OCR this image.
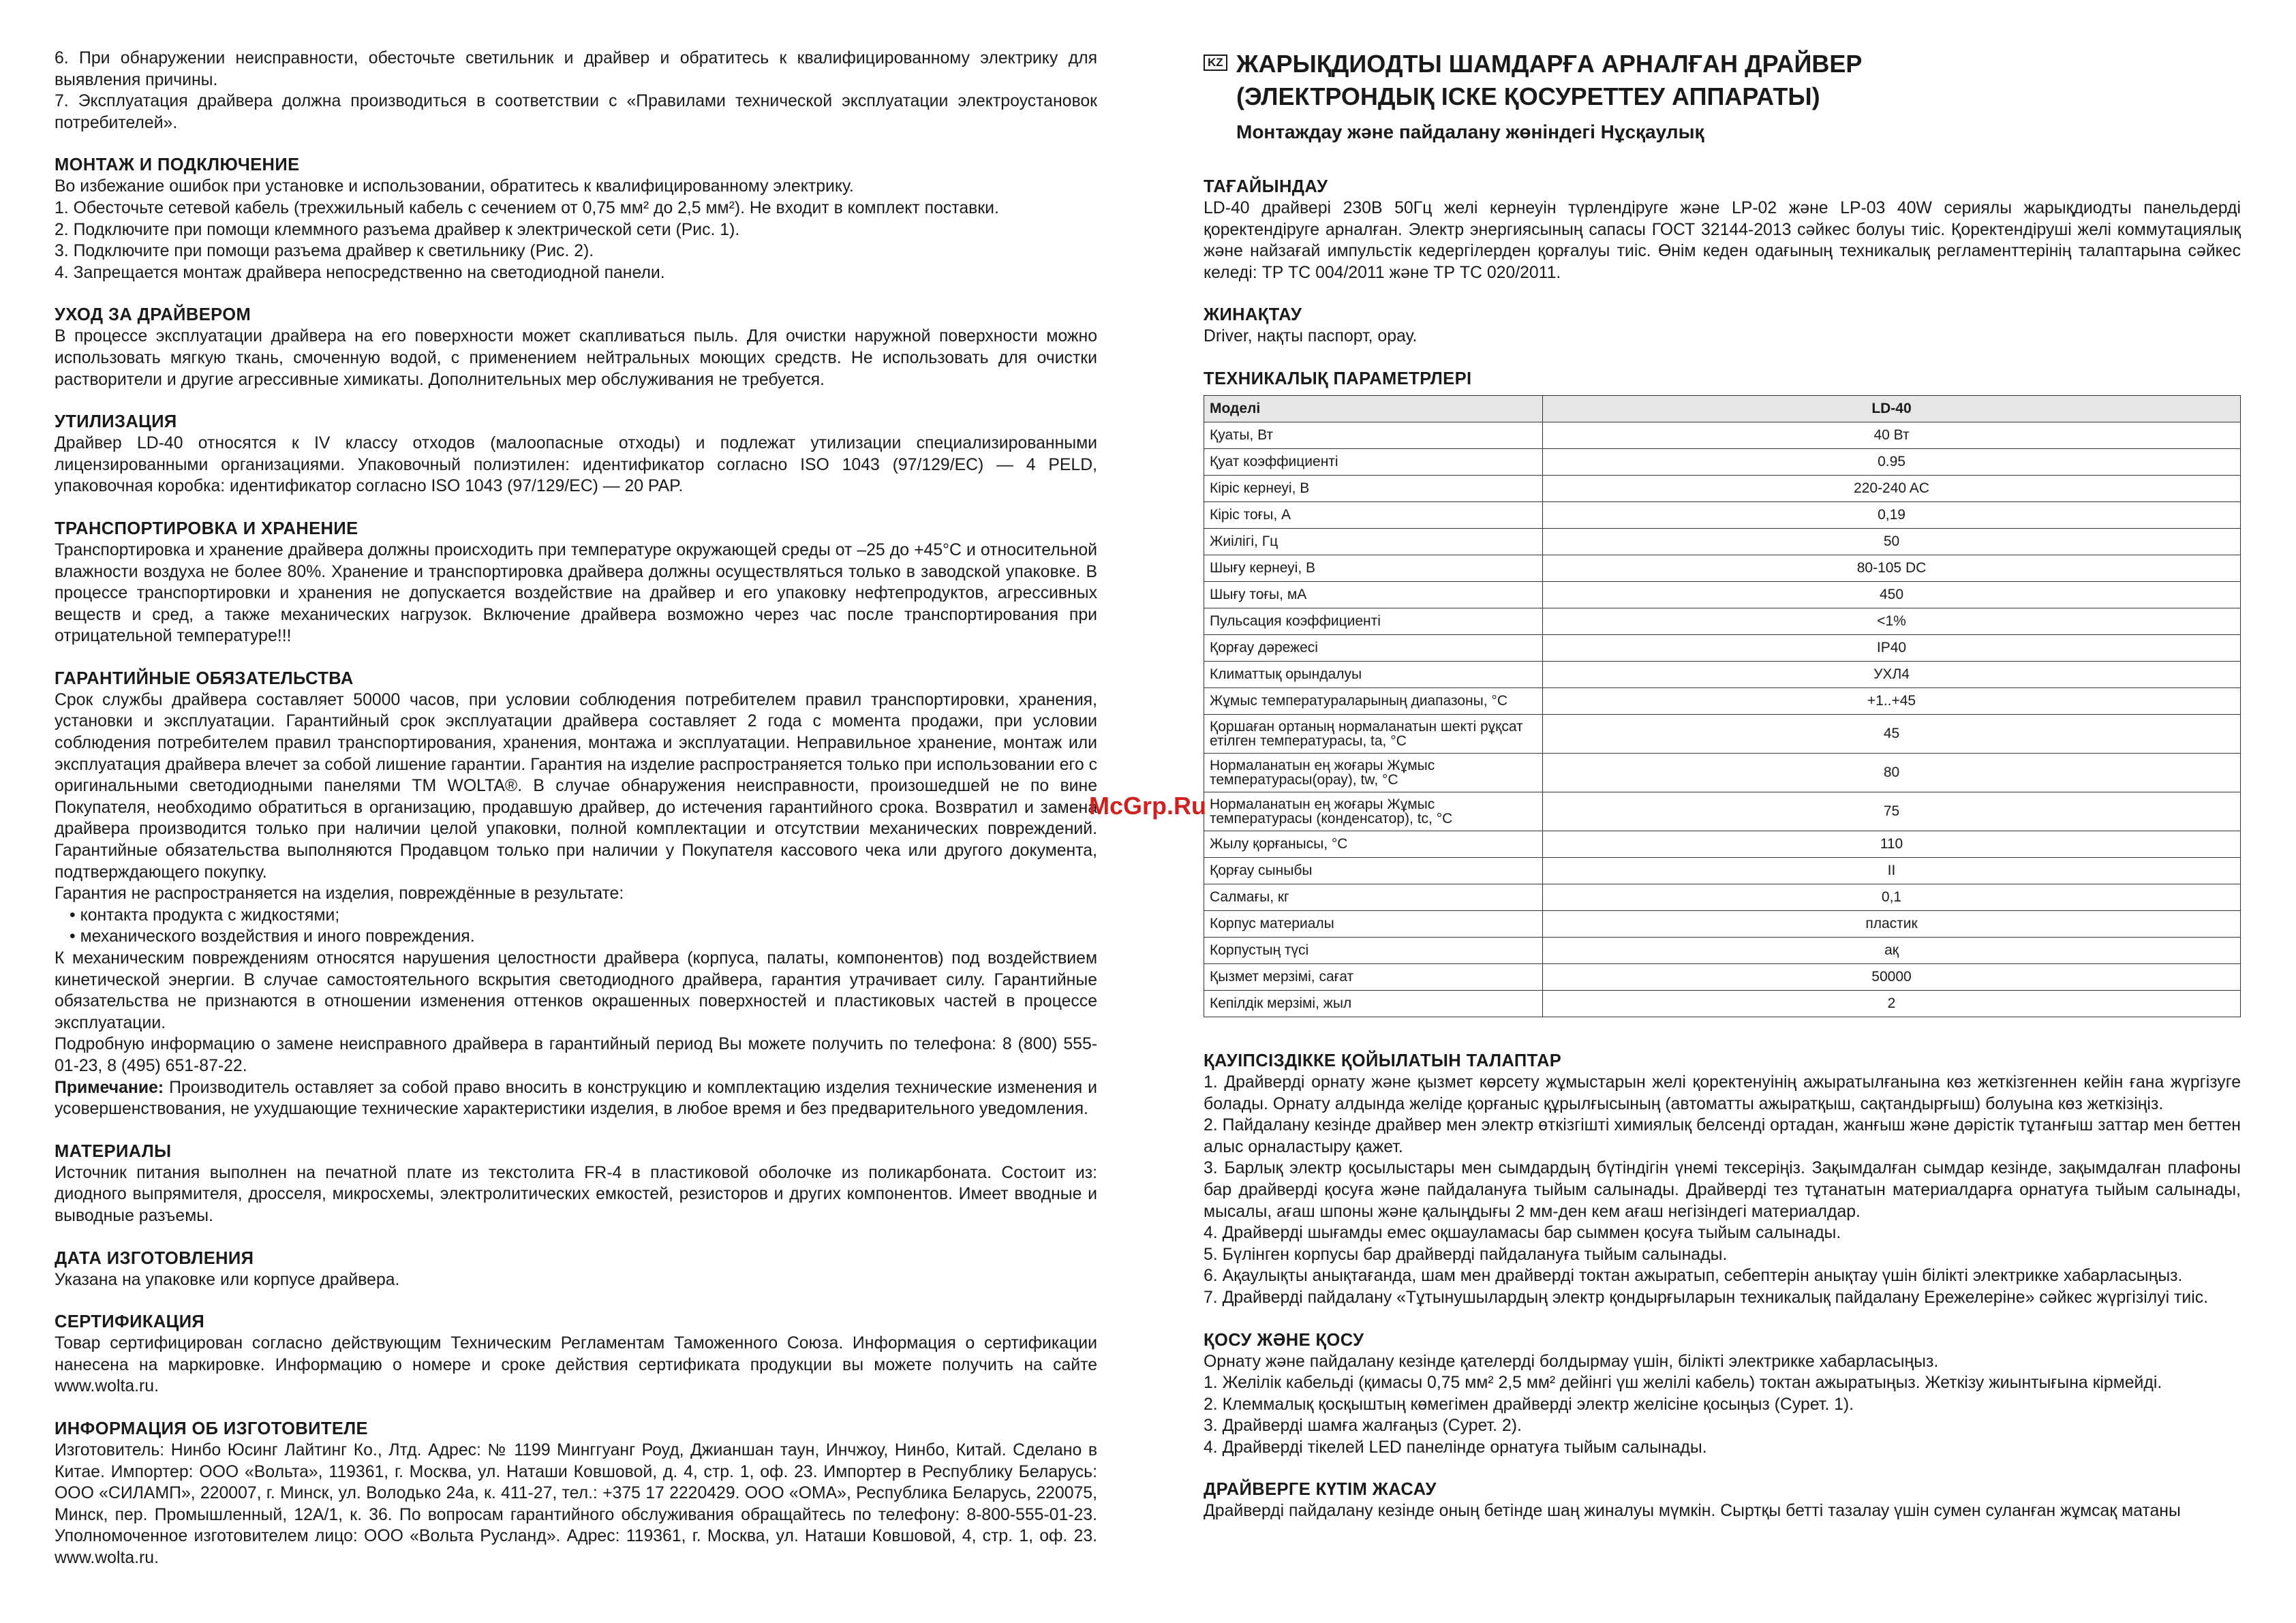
6. При обнаружении неисправности, обесточьте светильник и драйвер и обратитесь к квалифицированному электрику для выявления причины.

7. Эксплуатация драйвера должна производиться в соответствии с «Правилами технической эксплуатации электроустановок потребителей».

МОНТАЖ И ПОДКЛЮЧЕНИЕ

Во избежание ошибок при установке и использовании, обратитесь к квалифицированному электрику.

1. Обесточьте сетевой кабель (трехжильный кабель с сечением от 0,75 мм² до 2,5 мм²). Не входит в комплект поставки.

2. Подключите при помощи клеммного разъема драйвер к электрической сети (Рис. 1).

3. Подключите при помощи разъема драйвер к светильнику (Рис. 2).

4. Запрещается монтаж драйвера непосредственно на светодиодной панели.

УХОД ЗА ДРАЙВЕРОМ

В процессе эксплуатации драйвера на его поверхности может скапливаться пыль. Для очистки наружной поверхности можно использовать мягкую ткань, смоченную водой, с применением нейтральных моющих средств. Не использовать для очистки растворители и другие агрессивные химикаты. Дополнительных мер обслуживания не требуется.

УТИЛИЗАЦИЯ

Драйвер LD-40 относятся к IV классу отходов (малоопасные отходы) и подлежат утилизации специализированными лицензированными организациями. Упаковочный полиэтилен: идентификатор согласно ISO 1043 (97/129/EC) — 4 PELD, упаковочная коробка: идентификатор согласно ISO 1043 (97/129/EC) — 20 PAP.

ТРАНСПОРТИРОВКА И ХРАНЕНИЕ

Транспортировка и хранение драйвера должны происходить при температуре окружающей среды от –25 до +45°С и относительной влажности воздуха не более 80%. Хранение и транспортировка драйвера должны осуществляться только в заводской упаковке. В процессе транспортировки и хранения не допускается воздействие на драйвер и его упаковку нефтепродуктов, агрессивных веществ и сред, а также механических нагрузок. Включение драйвера возможно через час после транспортирования при отрицательной температуре!!!

ГАРАНТИЙНЫЕ ОБЯЗАТЕЛЬСТВА

Срок службы драйвера составляет 50000 часов, при условии соблюдения потребителем правил транспортировки, хранения, установки и эксплуатации. Гарантийный срок эксплуатации драйвера составляет 2 года с момента продажи, при условии соблюдения потребителем правил транспортирования, хранения, монтажа и эксплуатации. Неправильное хранение, монтаж или эксплуатация драйвера влечет за собой лишение гарантии. Гарантия на изделие распространяется только при использовании его с оригинальными светодиодными панелями ТМ WOLTA®. В случае обнаружения неисправности, произошедшей не по вине Покупателя, необходимо обратиться в организацию, продавшую драйвер, до истечения гарантийного срока. Возвратил и замена драйвера производится только при наличии целой упаковки, полной комплектации и отсутствии механических повреждений. Гарантийные обязательства выполняются Продавцом только при наличии у Покупателя кассового чека или другого документа, подтверждающего покупку.

Гарантия не распространяется на изделия, повреждённые в результате:

• контакта продукта с жидкостями;

• механического воздействия и иного повреждения.

К механическим повреждениям относятся нарушения целостности драйвера (корпуса, палаты, компонентов) под воздействием кинетической энергии. В случае самостоятельного вскрытия светодиодного драйвера, гарантия утрачивает силу. Гарантийные обязательства не признаются в отношении изменения оттенков окрашенных поверхностей и пластиковых частей в процессе эксплуатации.

Подробную информацию о замене неисправного драйвера в гарантийный период Вы можете получить по телефона: 8 (800) 555-01-23, 8 (495) 651-87-22.

Примечание: Производитель оставляет за собой право вносить в конструкцию и комплектацию изделия технические изменения и усовершенствования, не ухудшающие технические характеристики изделия, в любое время и без предварительного уведомления.

МАТЕРИАЛЫ

Источник питания выполнен на печатной плате из текстолита FR-4 в пластиковой оболочке из поликарбоната. Состоит из: диодного выпрямителя, дросселя, микросхемы, электролитических емкостей, резисторов и других компонентов. Имеет вводные и выводные разъемы.

ДАТА ИЗГОТОВЛЕНИЯ

Указана на упаковке или корпусе драйвера.

СЕРТИФИКАЦИЯ

Товар сертифицирован согласно действующим Техническим Регламентам Таможенного Союза. Информация о сертификации нанесена на маркировке. Информацию о номере и сроке действия сертификата продукции вы можете получить на сайте www.wolta.ru.

ИНФОРМАЦИЯ ОБ ИЗГОТОВИТЕЛЕ

Изготовитель: Нинбо Юсинг Лайтинг Ко., Лтд. Адрес: № 1199 Минггуанг Роуд, Джианшан таун, Инчжоу, Нинбо, Китай. Сделано в Китае. Импортер: ООО «Вольта», 119361, г. Москва, ул. Наташи Ковшовой, д. 4, стр. 1, оф. 23. Импортер в Республику Беларусь: ООО «СИЛАМП», 220007, г. Минск, ул. Володько 24а, к. 411-27, тел.: +375 17 2220429. ООО «ОМА», Республика Беларусь, 220075, Минск, пер. Промышленный, 12А/1, к. 36. По вопросам гарантийного обслуживания обращайтесь по телефону: 8-800-555-01-23. Уполномоченное изготовителем лицо: ООО «Вольта Русланд». Адрес: 119361, г. Москва, ул. Наташи Ковшовой, 4, стр. 1, оф. 23. www.wolta.ru.

KZ ЖАРЫҚДИОДТЫ ШАМДАРҒА АРНАЛҒАН ДРАЙВЕР
(ЭЛЕКТРОНДЫҚ ІСКЕ ҚОСУРЕТТЕУ АППАРАТЫ)
Монтаждау және пайдалану жөніндегі Нұсқаулық
ТАҒАЙЫНДАУ

LD-40 драйвері 230В 50Гц желі кернеуін түрлендіруге және LP-02 және LP-03 40W сериялы жарықдиодты панельдерді қоректендіруге арналған. Электр энергиясының сапасы ГОСТ 32144-2013 сәйкес болуы тиіс. Қоректендіруші желі коммутациялық және найзағай импульстік кедергілерден қорғалуы тиіс. Өнім кеден одағының техникалық регламенттерінің талаптарына сәйкес келеді: ТР ТС 004/2011 және ТР ТС 020/2011.

ЖИНАҚТАУ

Driver, нақты паспорт, орау.

ТЕХНИКАЛЫҚ ПАРАМЕТРЛЕРІ
Моделі	LD-40
Қуаты, Вт	40 Вт
Қуат коэффициенті	0.95
Кіріс кернеуі, В	220-240 AC
Кіріс тоғы, А	0,19
Жиілігі, Гц	50
Шығу кернеуі, В	80-105 DC
Шығу тоғы, мА	450
Пульсация коэффициенті	<1%
Қорғау дәрежесі	IP40
Климаттық орындалуы	УХЛ4
Жұмыс температураларының диапазоны, °С	+1..+45
Қоршаған ортаның нормаланатын шекті рұқсат етілген температурасы, ta, °С	45
Нормаланатын ең жоғары Жұмыс температурасы(орау), tw, °С	80
Нормаланатын ең жоғары Жұмыс температурасы (конденсатор), tс, °С	75
Жылу қорғанысы, °С	110
Қорғау сыныбы	II
Салмағы, кг	0,1
Корпус материалы	пластик
Корпустың түсі	ақ
Қызмет мерзімі, сағат	50000
Кепілдік мерзімі, жыл	2
ҚАУІПСІЗДІККЕ ҚОЙЫЛАТЫН ТАЛАПТАР

1. Драйверді орнату және қызмет көрсету жұмыстарын желі қоректенуінің ажыратылғанына көз жеткізгеннен кейін ғана жүргізуге болады. Орнату алдында желіде қорғаныс құрылғысының (автоматты ажыратқыш, сақтандырғыш) болуына көз жеткізіңіз.

2. Пайдалану кезінде драйвер мен электр өткізгішті химиялық белсенді ортадан, жанғыш және дәрістік тұтанғыш заттар мен беттен алыс орналастыру қажет.

3. Барлық электр қосылыстары мен сымдардың бүтіндігін үнемі тексеріңіз. Зақымдалған сымдар кезінде, зақымдалған плафоны бар драйверді қосуға және пайдалануға тыйым салынады. Драйверді тез тұтанатын материалдарға орнатуға тыйым салынады, мысалы, ағаш шпоны және қалыңдығы 2 мм-ден кем ағаш негізіндегі материалдар.

4. Драйверді шығамды емес оқшауламасы бар сыммен қосуға тыйым салынады.

5. Бүлінген корпусы бар драйверді пайдалануға тыйым салынады.

6. Ақаулықты анықтағанда, шам мен драйверді токтан ажыратып, себептерін анықтау үшін білікті электрикке хабарласыңыз.

7. Драйверді пайдалану «Тұтынушылардың электр қондырғыларын техникалық пайдалану Ережелеріне» сәйкес жүргізілуі тиіс.

ҚОСУ ЖӘНЕ ҚОСУ

Орнату және пайдалану кезінде қателерді болдырмау үшін, білікті электрикке хабарласыңыз.

1. Желілік кабельді (қимасы 0,75 мм² 2,5 мм² дейінгі үш желілі кабель) токтан ажыратыңыз. Жеткізу жиынтығына кірмейді.

2. Клеммалық қосқыштың көмегімен драйверді электр желісіне қосыңыз (Сурет. 1).

3. Драйверді шамға жалғаңыз (Сурет. 2).

4. Драйверді тікелей LED панелінде орнатуға тыйым салынады.

ДРАЙВЕРГЕ КҮТІМ ЖАСАУ

Драйверді пайдалану кезінде оның бетінде шаң жиналуы мүмкін. Сыртқы бетті тазалау үшін сумен суланған жұмсақ матаны

McGrp.Ru
